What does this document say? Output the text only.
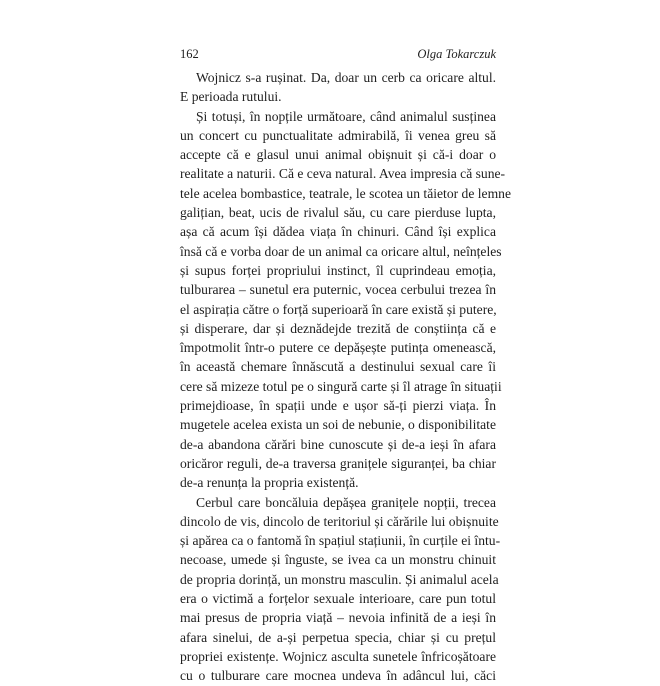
162	Olga Tokarczuk
Wojnicz s-a rușinat. Da, doar un cerb ca oricare altul.
E perioada rutului.
Și totuși, în nopțile următoare, când animalul susținea
un concert cu punctualitate admirabilă, îi venea greu să
accepte că e glasul unui animal obișnuit și că-i doar o
realitate a naturii. Că e ceva natural. Avea impresia că sune-
tele acelea bombastice, teatrale, le scotea un tăietor de lemne
galițian, beat, ucis de rivalul său, cu care pierduse lupta,
așa că acum își dădea viața în chinuri. Când își explica
însă că e vorba doar de un animal ca oricare altul, neînțeles
și supus forței propriului instinct, îl cuprindeau emoția,
tulburarea – sunetul era puternic, vocea cerbului trezea în
el aspirația către o forță superioară în care există și putere,
și disperare, dar și deznădejde trezită de conștiința că e
împotmolit într-o putere ce depășește putința omenească,
în această chemare înnăscută a destinului sexual care îi
cere să mizeze totul pe o singură carte și îl atrage în situații
primejdioase, în spații unde e ușor să-ți pierzi viața. În
mugetele acelea exista un soi de nebunie, o disponibilitate
de-a abandona cărări bine cunoscute și de-a ieși în afara
oricăror reguli, de-a traversa granițele siguranței, ba chiar
de-a renunța la propria existență.
Cerbul care boncăluia depășea granițele nopții, trecea
dincolo de vis, dincolo de teritoriul și cărările lui obișnuite
și apărea ca o fantomă în spațiul stațiunii, în curțile ei întu-
necoase, umede și înguste, se ivea ca un monstru chinuit
de propria dorință, un monstru masculin. Și animalul acela
era o victimă a forțelor sexuale interioare, care pun totul
mai presus de propria viață – nevoia infinită de a ieși în
afara sinelui, de a-și perpetua specia, chiar și cu prețul
propriei existențe. Wojnicz asculta sunetele înfricoșătoare
cu o tulburare care mocnea undeva în adâncul lui, căci
